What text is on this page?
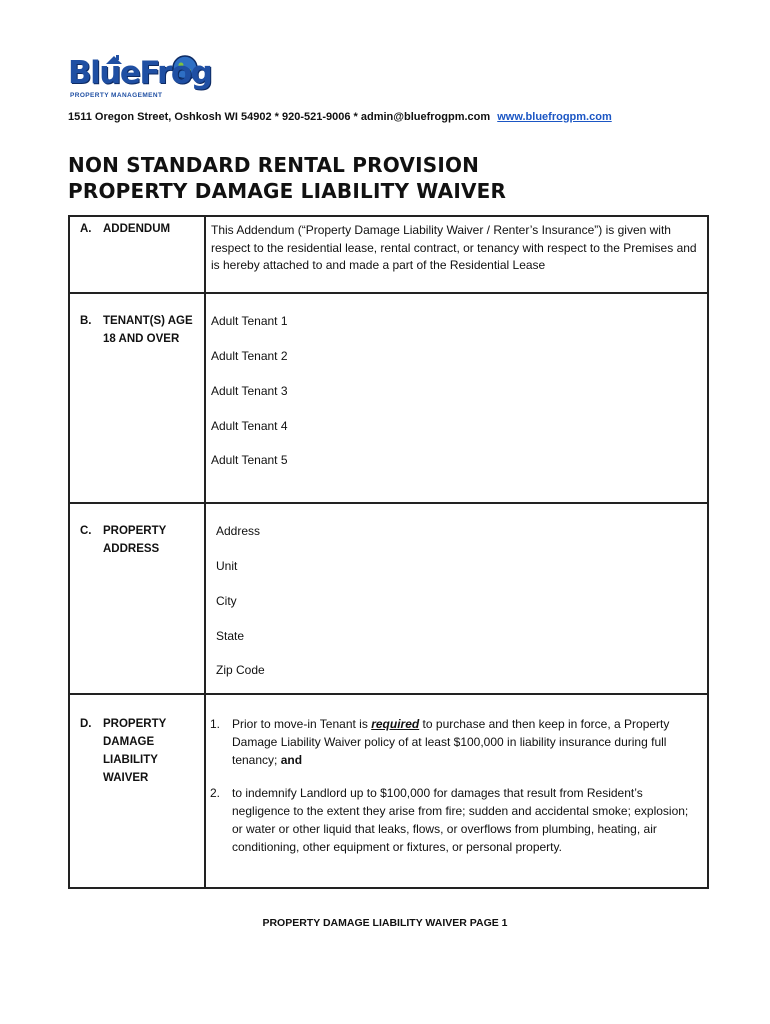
BlueFrog
PROPERTY MANAGEMENT
1511 Oregon Street, Oshkosh WI 54902 * 920-521-9006 * admin@bluefrogpm.com www.bluefrogpm.com
NON STANDARD RENTAL PROVISION
PROPERTY DAMAGE LIABILITY WAIVER
A. ADDENDUM	This Addendum (“Property Damage Liability Waiver / Renter’s Insurance”) is given with respect to the residential lease, rental contract, or tenancy with respect to the Premises and is hereby attached to and made a part of the Residential Lease
B. TENANT(S) AGE
18 AND OVER
Adult Tenant 1
Adult Tenant 2
Adult Tenant 3
Adult Tenant 4
Adult Tenant 5
C. PROPERTY
ADDRESS
Address
Unit
City
State
Zip Code
D. PROPERTY
DAMAGE
LIABILITY
WAIVER
1. Prior to move-in Tenant is required to purchase and then keep in force, a Property Damage Liability Waiver policy of at least $100,000 in liability insurance during full tenancy; and
2. to indemnify Landlord up to $100,000 for damages that result from Resident’s negligence to the extent they arise from fire; sudden and accidental smoke; explosion; or water or other liquid that leaks, flows, or overflows from plumbing, heating, air conditioning, other equipment or fixtures, or personal property.
PROPERTY DAMAGE LIABILITY WAIVER PAGE 1
